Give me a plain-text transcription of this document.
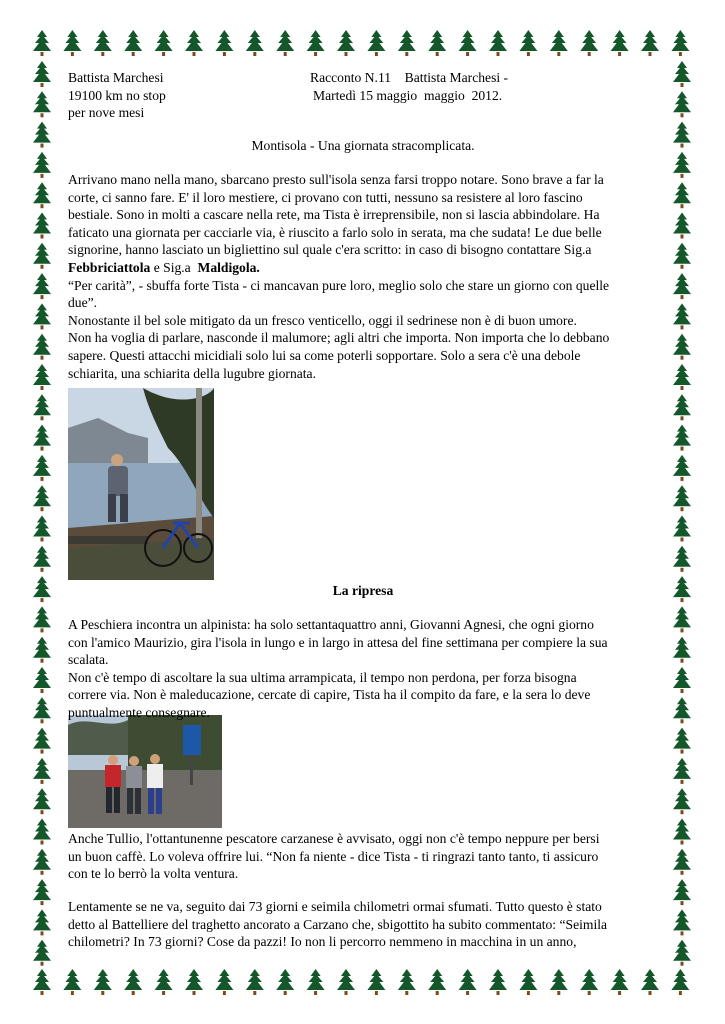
Battista Marchesi
19100 km no stop
per nove mesi
Racconto N.11    Battista Marchesi -
Martedì 15 maggio  maggio  2012.
Montisola - Una giornata stracomplicata.
Arrivano mano nella mano, sbarcano presto sull'isola senza farsi troppo notare. Sono brave a far la
corte, ci sanno fare. E' il loro mestiere, ci provano con tutti, nessuno sa resistere al loro fascino
bestiale. Sono in molti a cascare nella rete, ma Tista è irreprensibile, non si lascia abbindolare. Ha
faticato una giornata per cacciarle via, è riuscito a farlo solo in serata, ma che sudata! Le due belle
signorine, hanno lasciato un bigliettino sul quale c'era scritto: in caso di bisogno contattare Sig.a
Febbriciattola e Sig.a  Maldigola.
“Per carità”, - sbuffa forte Tista - ci mancavan pure loro, meglio solo che stare un giorno con quelle
due”.
Nonostante il bel sole mitigato da un fresco venticello, oggi il sedrinese non è di buon umore.
Non ha voglia di parlare, nasconde il malumore; agli altri che importa. Non importa che lo debbano
sapere. Questi attacchi micidiali solo lui sa come poterli sopportare. Solo a sera c'è una debole
schiarita, una schiarita della lugubre giornata.
La ripresa
A Peschiera incontra un alpinista: ha solo settantaquattro anni, Giovanni Agnesi, che ogni giorno
con l'amico Maurizio, gira l'isola in lungo e in largo in attesa del fine settimana per compiere la sua
scalata.
Non c'è tempo di ascoltare la sua ultima arrampicata, il tempo non perdona, per forza bisogna
correre via. Non è maleducazione, cercate di capire, Tista ha il compito da fare, e la sera lo deve
puntualmente consegnare.
Anche Tullio, l'ottantunenne pescatore carzanese è avvisato, oggi non c'è tempo neppure per bersi
un buon caffè. Lo voleva offrire lui. “Non fa niente - dice Tista - ti ringrazi tanto tanto, ti assicuro
con te lo berrò la volta ventura.
Lentamente se ne va, seguito dai 73 giorni e seimila chilometri ormai sfumati. Tutto questo è stato
detto al Battelliere del traghetto ancorato a Carzano che, sbigottito ha subito commentato: “Seimila
chilometri? In 73 giorni? Cose da pazzi! Io non li percorro nemmeno in macchina in un anno,
